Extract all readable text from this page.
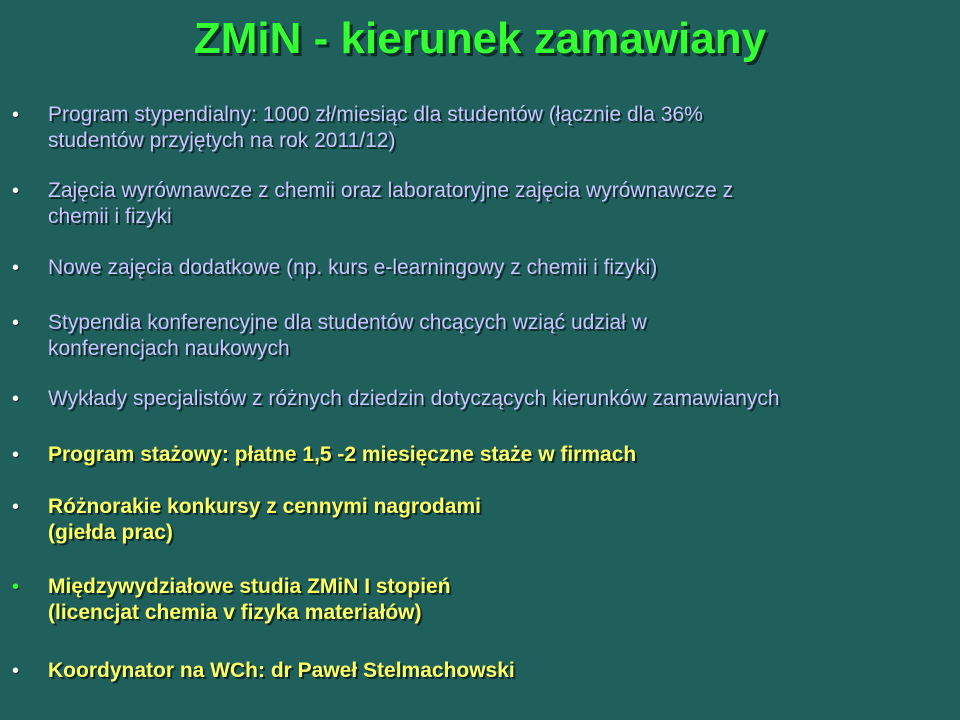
ZMiN - kierunek zamawiany
• Program stypendialny: 1000 zł/miesiąc dla studentów (łącznie dla 36%
studentów przyjętych na rok 2011/12)
• Zajęcia wyrównawcze z chemii oraz laboratoryjne zajęcia wyrównawcze z
chemii i fizyki
• Nowe zajęcia dodatkowe (np. kurs e-learningowy z chemii i fizyki)
• Stypendia konferencyjne dla studentów chcących wziąć udział w
konferencjach naukowych
• Wykłady specjalistów z różnych dziedzin dotyczących kierunków zamawianych
• Program stażowy: płatne 1,5 -2 miesięczne staże w firmach
• Różnorakie konkursy z cennymi nagrodami
(giełda prac)
• Międzywydziałowe studia ZMiN I stopień
(licencjat chemia v fizyka materiałów)
• Koordynator na WCh: dr Paweł Stelmachowski
